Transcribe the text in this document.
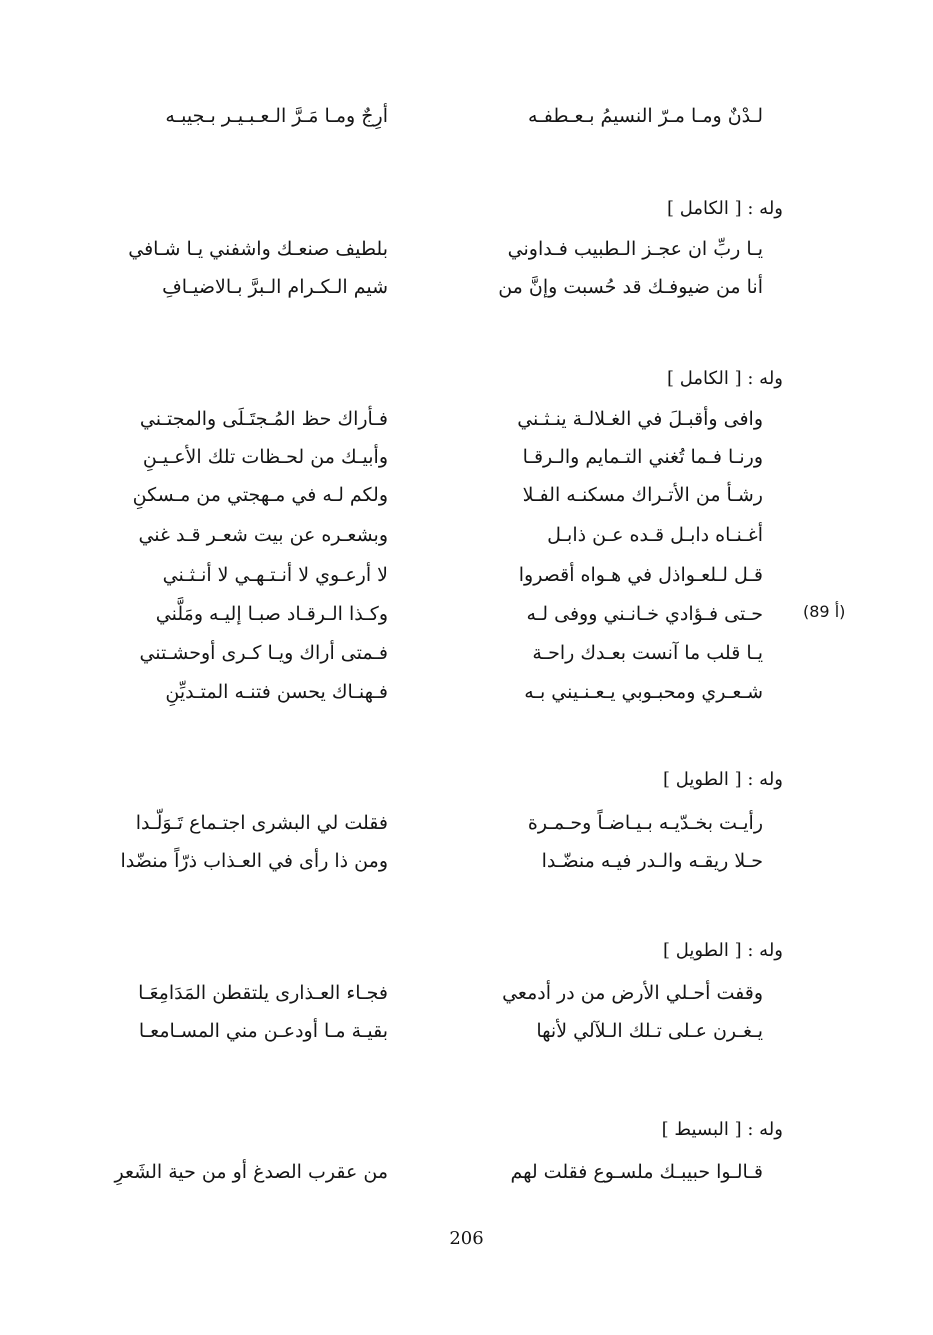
لـدْنٌ ومـا مـرّ النسيمُ بـعـطفـه
أرِجٌ ومـا مَـرَّ الـعـبـيـر بـجيبـه
وله : [ الكامل ]
يـا ربِّ ان عجـز الـطبيب فـداوني
بلطيف صنعـك واشفني يـا شـافي
أنا من ضيوفـك قد حُسبت وإنَّ من
شيم الـكـرام الـبرَّ بـالاضيـافِ
وله : [ الكامل ]
وافى وأقبـلَ في الغـلالـة ينـثـني
فـأراك حظ المُـجتَـلَى والمجتـني
ورنـا فـما تُغني التـمايم والـرقـا
وأبيـك من لحـظات تلك الأعـيـنِ
رشـأ من الأتـراك مسكنـه الفـلا
ولكم لـه في مـهجتي من مـسكنِ
أغـنـاه دابـل قـده عـن ذابـل
وبشعـره عن بيت شعـر قـد غني
قـل لـلعـواذل في هـواه أقصروا
لا أرعـوي لا أنـتـهـي لا أنـثـني
حـتى فـؤادي خـانـني ووفى لـه
وكـذا الـرقـاد صبـا إليـه ومَلَّني	(89 أ)
يـا قلب ما آنست بعـدك راحـة
فـمتى أراك ويـا كـرى أوحشـتني
شـعـري ومحبـوبي يـعـنـيني بـه
فـهنـاك يحسن فتنـه المتـديِّنِ
وله : [ الطويل ]
رأيـت بخـدّيـه بـيـاضـاً وحـمـرة
فقلت لي البشرى اجتـماع تَـوَلّـدا
حـلا ريقـه والـدر فيـه منضّـدا
ومن ذا رأى في العـذاب ذرّاً منضّدا
وله : [ الطويل ]
وقفت أحـلي الأرض من در أدمعي
فجـاء العـذارى يلتقطن المَدَامِعَـا
يـغـرن عـلى تـلك الـلآلي لأنها
بقيـة مـا أودعـن مني المسـامعـا
وله : [ البسيط ]
قـالـوا حبيبـك ملسـوع فقلت لهم
من عقرب الصدغ أو من حية الشَعرِ
206
